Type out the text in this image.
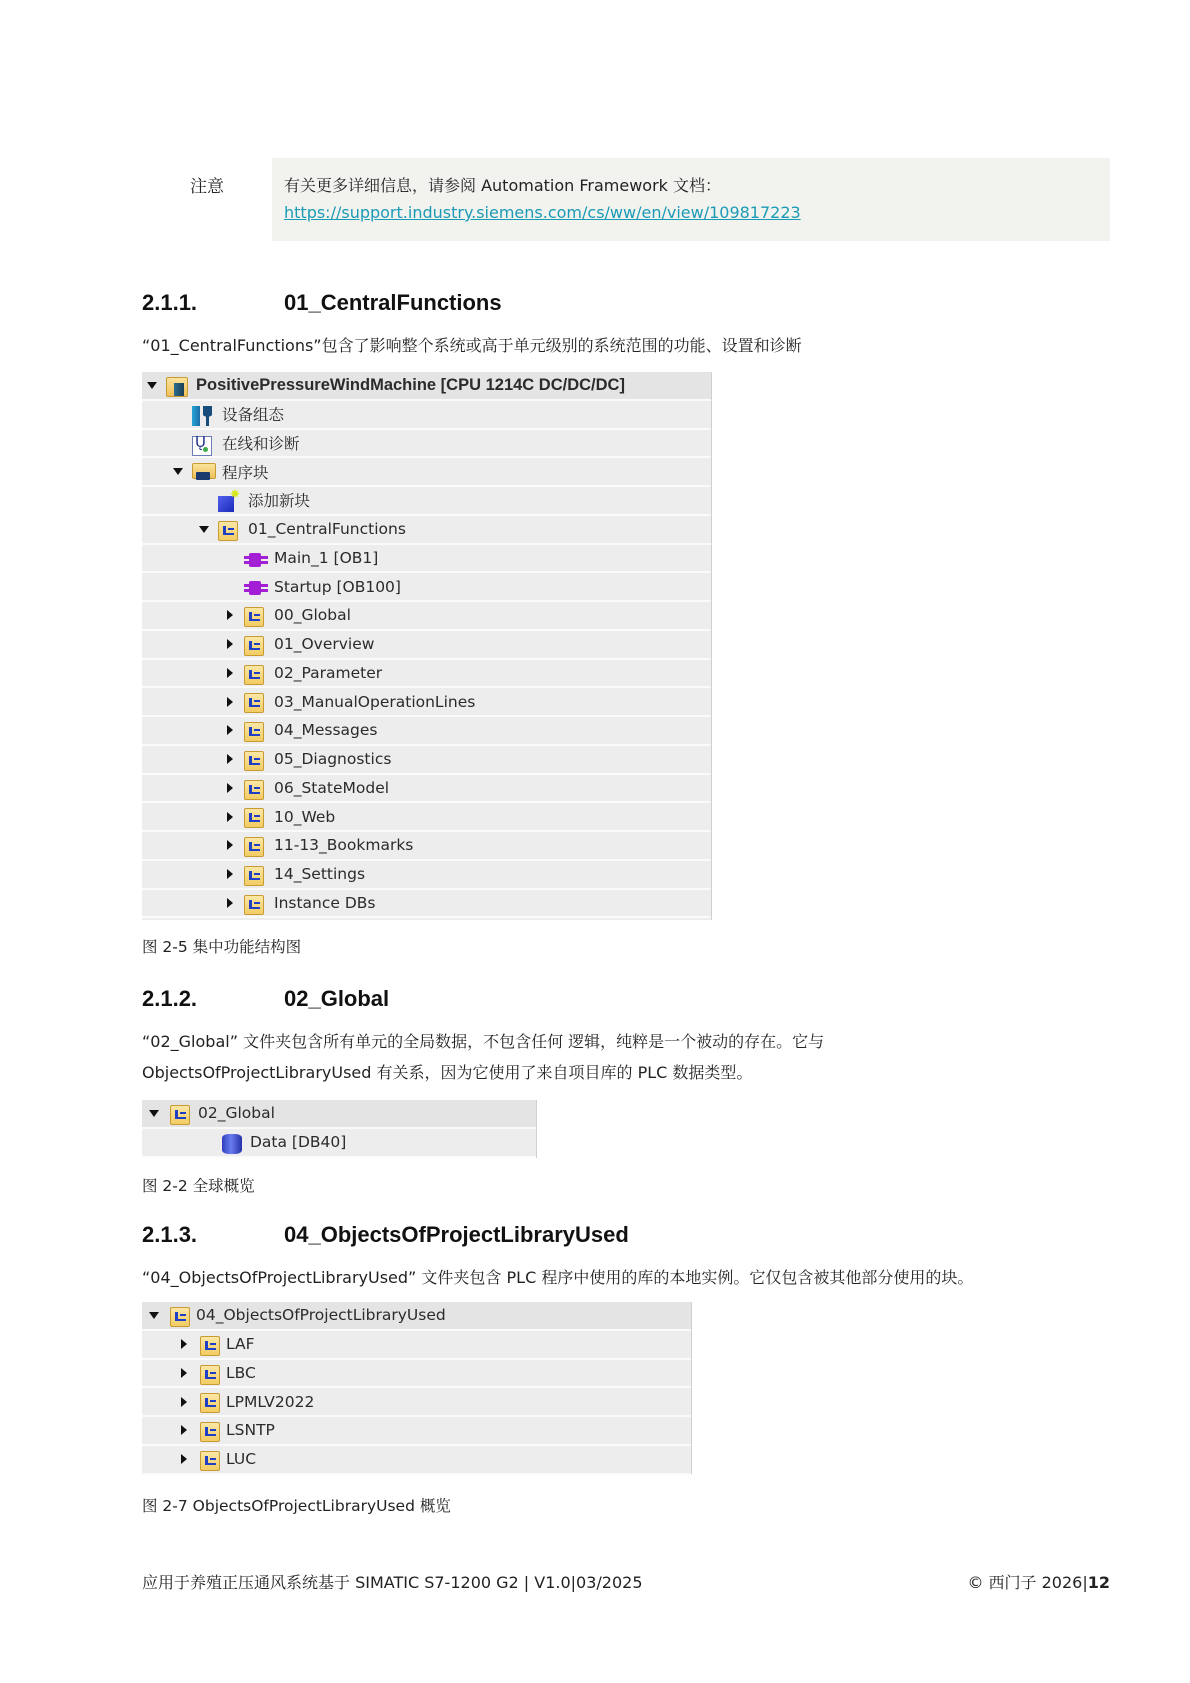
注意	有关更多详细信息，请参阅 Automation Framework 文档：
https://support.industry.siemens.com/cs/ww/en/view/109817223
2.1.1.	01_CentralFunctions
“01_CentralFunctions”包含了影响整个系统或高于单元级别的系统范围的功能、设置和诊断
PositivePressureWindMachine [CPU 1214C DC/DC/DC]
设备组态
Ų
在线和诊断
程序块
✸
添加新块
01_CentralFunctions
Main_1 [OB1]
Startup [OB100]
00_Global
01_Overview
02_Parameter
03_ManualOperationLines
04_Messages
05_Diagnostics
06_StateModel
10_Web
11-13_Bookmarks
14_Settings
Instance DBs
图 2-5 集中功能结构图
2.1.2.	02_Global
“02_Global” 文件夹包含所有单元的全局数据，不包含任何 逻辑，纯粹是一个被动的存在。它与
ObjectsOfProjectLibraryUsed 有关系，因为它使用了来自项目库的 PLC 数据类型。
02_Global
Data [DB40]
图 2-2 全球概览
2.1.3.	04_ObjectsOfProjectLibraryUsed
“04_ObjectsOfProjectLibraryUsed” 文件夹包含 PLC 程序中使用的库的本地实例。它仅包含被其他部分使用的块。
04_ObjectsOfProjectLibraryUsed
LAF
LBC
LPMLV2022
LSNTP
LUC
图 2-7 ObjectsOfProjectLibraryUsed 概览
应用于养殖正压通风系统基于 SIMATIC S7-1200 G2 | V1.0|03/2025	© 西门子 2026|12
